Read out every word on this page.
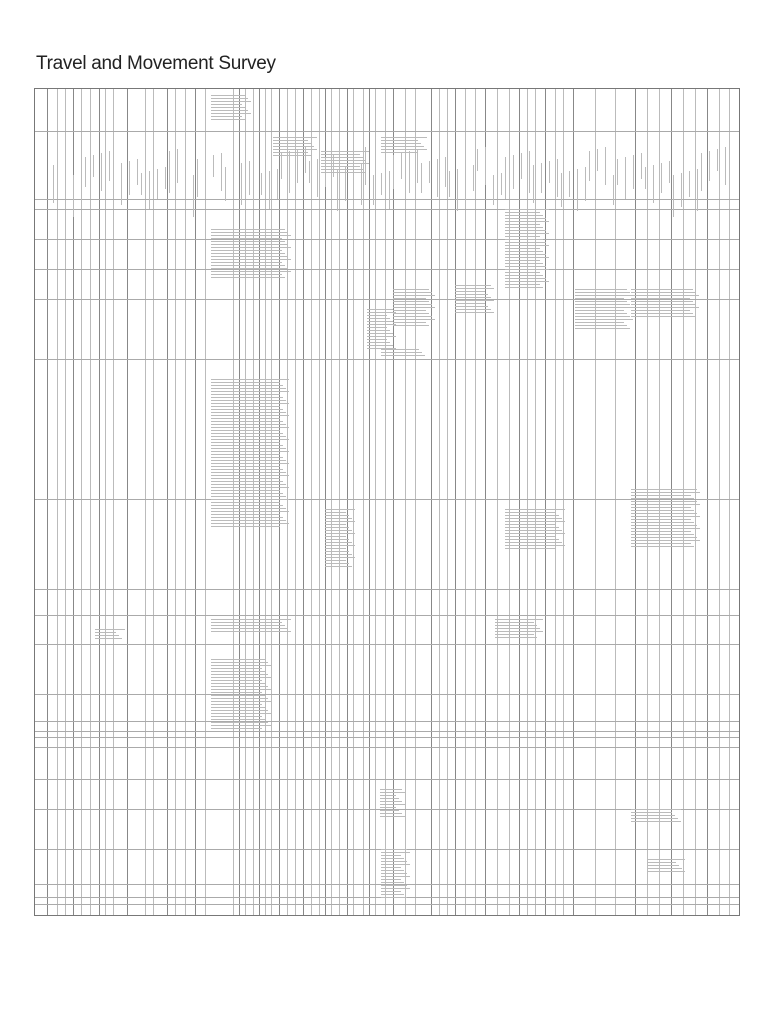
Travel and Movement Survey
